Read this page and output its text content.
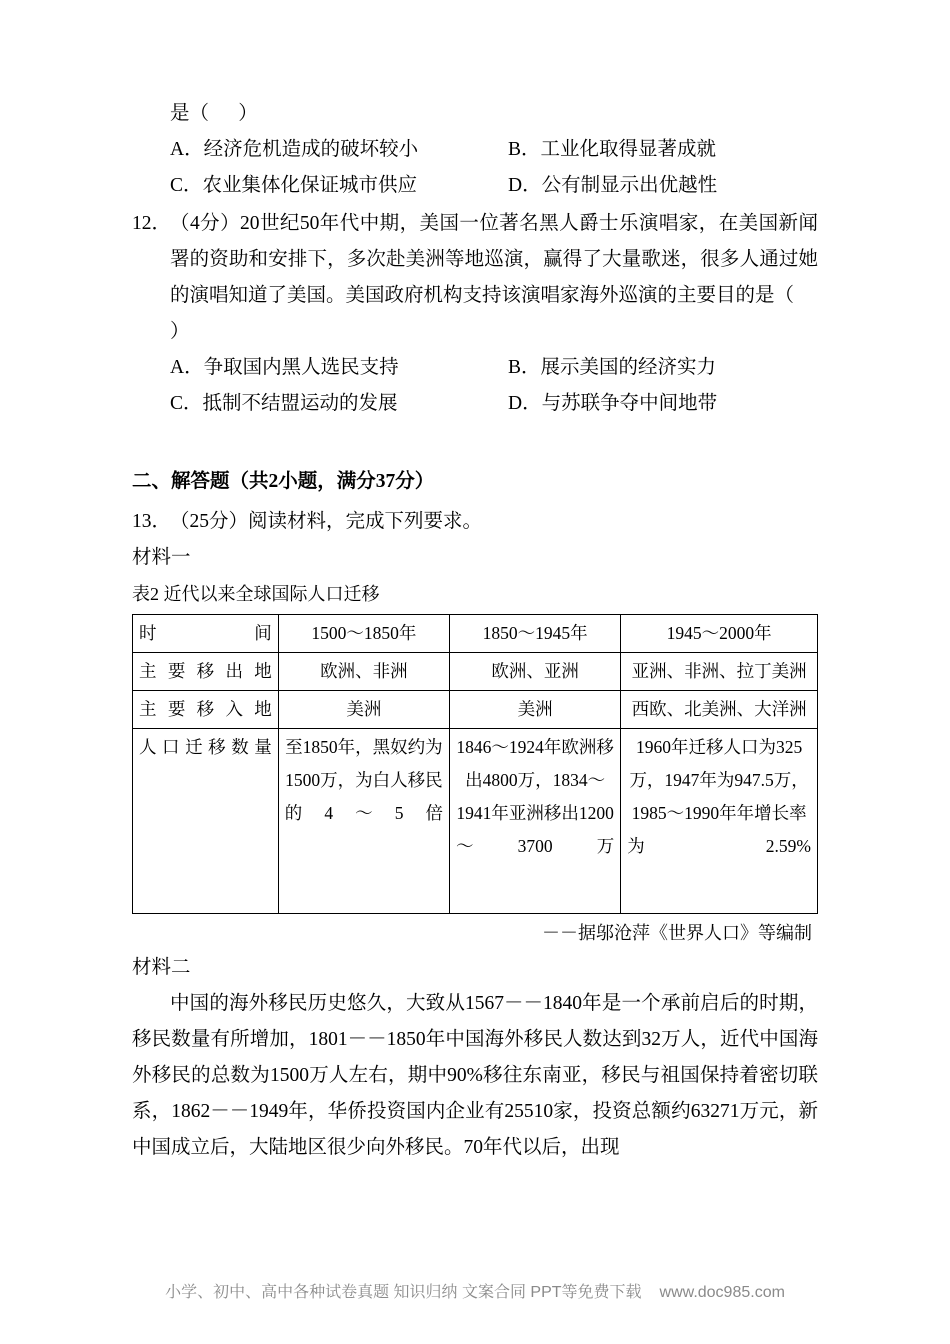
是（      ）
A．经济危机造成的破坏较小	B．工业化取得显著成就
C．农业集体化保证城市供应	D．公有制显示出优越性
12．
（4分）20世纪50年代中期，美国一位著名黑人爵士乐演唱家，在美国新闻署的资助和安排下，多次赴美洲等地巡演，赢得了大量歌迷，很多人通过她的演唱知道了美国。美国政府机构支持该演唱家海外巡演的主要目的是（
）
A．争取国内黑人选民支持	B．展示美国的经济实力
C．抵制不结盟运动的发展	D．与苏联争夺中间地带
二、解答题（共2小题，满分37分）
13．
（25分）阅读材料，完成下列要求。
材料一
表2 近代以来全球国际人口迁移
时间	1500～1850年	1850～1945年	1945～2000年
主要移出地	欧洲、非洲	欧洲、亚洲	亚洲、非洲、拉丁美洲
主要移入地	美洲	美洲	西欧、北美洲、大洋洲
人口迁移数量	至1850年，黑奴约为1500万，为白人移民的4～5倍	1846～1924年欧洲移出4800万，1834～1941年亚洲移出1200～3700万	1960年迁移人口为325万，1947年为947.5万，1985～1990年年增长率为2.59%
－－据邬沧萍《世界人口》等编制
材料二
中国的海外移民历史悠久，大致从1567－－1840年是一个承前启后的时期，移民数量有所增加，1801－－1850年中国海外移民人数达到32万人，近代中国海外移民的总数为1500万人左右，期中90%移往东南亚，移民与祖国保持着密切联系，1862－－1949年，华侨投资国内企业有25510家，投资总额约63271万元，新中国成立后，大陆地区很少向外移民。70年代以后，出现
小学、初中、高中各种试卷真题 知识归纳 文案合同 PPT等免费下载 www.doc985.com
